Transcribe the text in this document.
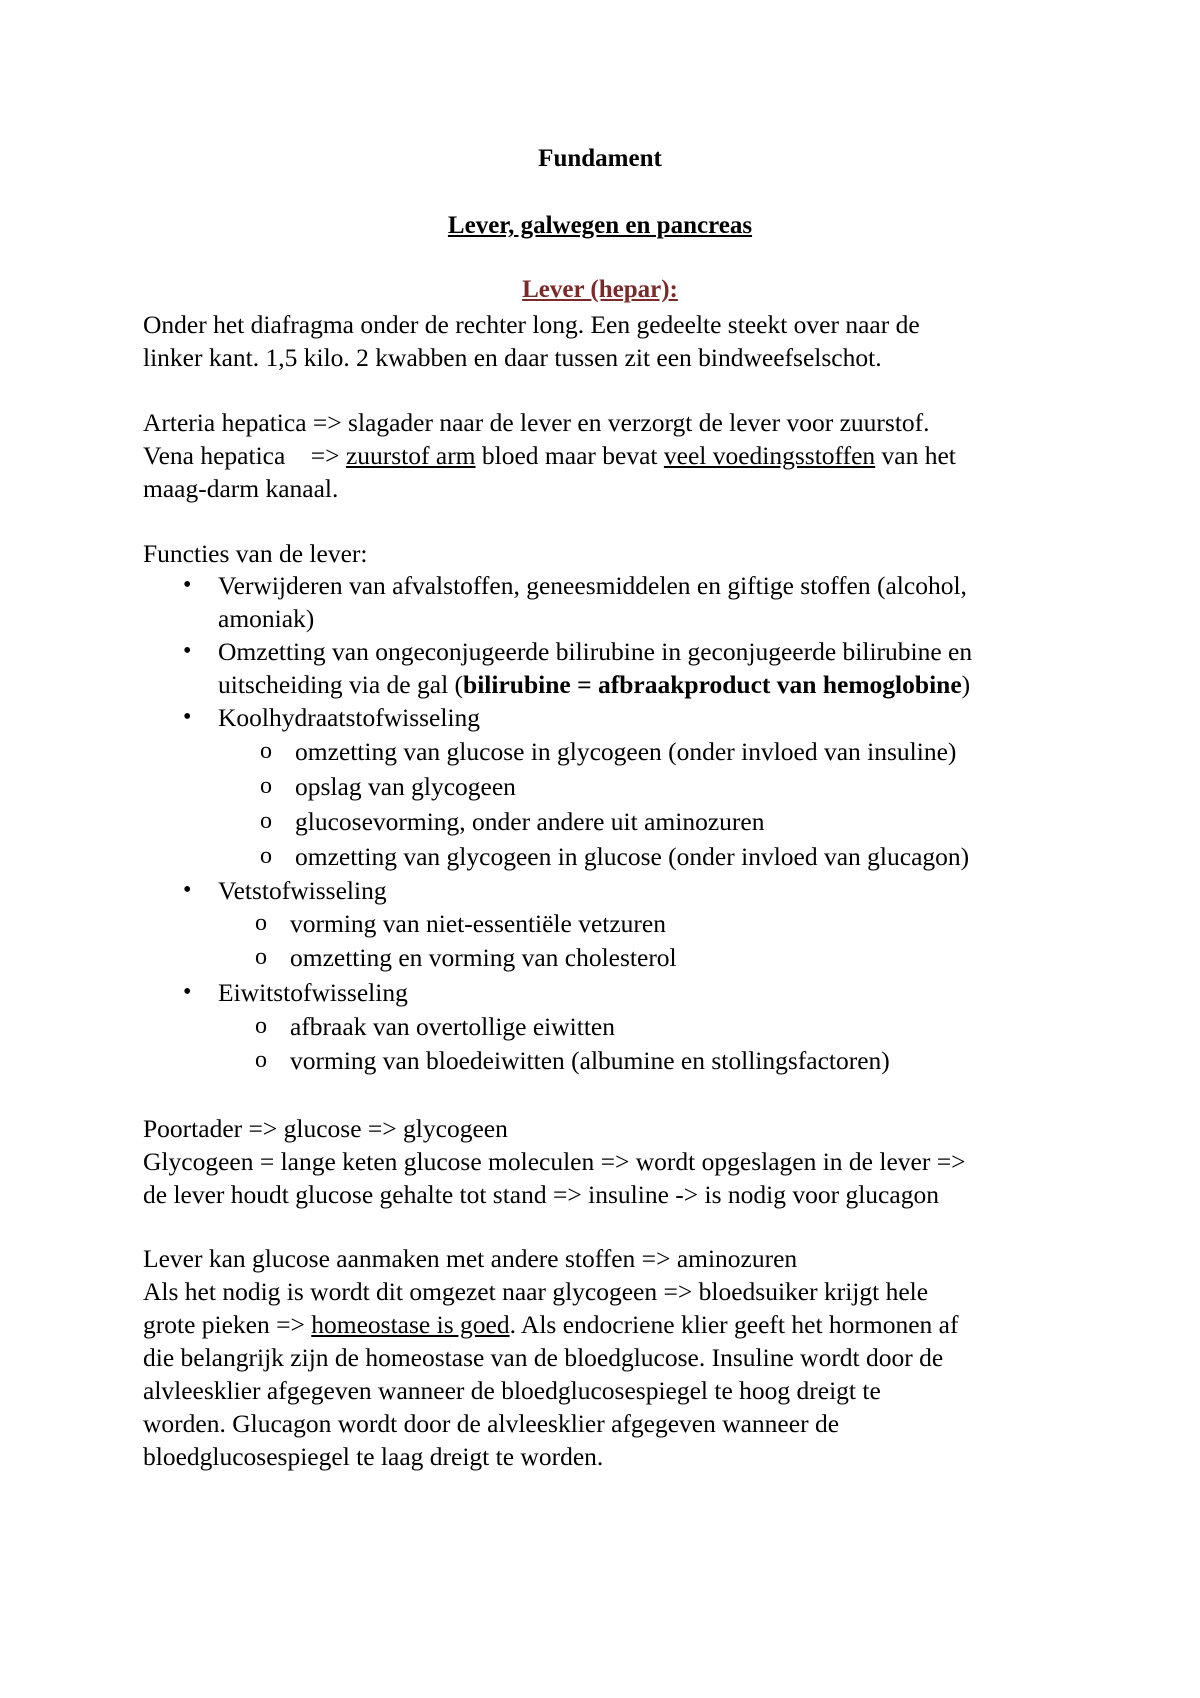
Fundament
Lever, galwegen en pancreas
Lever (hepar):
Onder het diafragma onder de rechter long. Een gedeelte steekt over naar de
linker kant. 1,5 kilo. 2 kwabben en daar tussen zit een bindweefselschot.
Arteria hepatica => slagader naar de lever en verzorgt de lever voor zuurstof.
Vena hepatica    => zuurstof arm bloed maar bevat veel voedingsstoffen van het
maag-darm kanaal.
Functies van de lever:
• Verwijderen van afvalstoffen, geneesmiddelen en giftige stoffen (alcohol,
amoniak)
• Omzetting van ongeconjugeerde bilirubine in geconjugeerde bilirubine en
uitscheiding via de gal (bilirubine = afbraakproduct van hemoglobine)
• Koolhydraatstofwisseling
o omzetting van glucose in glycogeen (onder invloed van insuline)
o opslag van glycogeen
o glucosevorming, onder andere uit aminozuren
o omzetting van glycogeen in glucose (onder invloed van glucagon)
• Vetstofwisseling
o vorming van niet-essentiële vetzuren
o omzetting en vorming van cholesterol
• Eiwitstofwisseling
o afbraak van overtollige eiwitten
o vorming van bloedeiwitten (albumine en stollingsfactoren)
Poortader => glucose => glycogeen
Glycogeen = lange keten glucose moleculen => wordt opgeslagen in de lever =>
de lever houdt glucose gehalte tot stand => insuline -> is nodig voor glucagon
Lever kan glucose aanmaken met andere stoffen => aminozuren
Als het nodig is wordt dit omgezet naar glycogeen => bloedsuiker krijgt hele
grote pieken => homeostase is goed. Als endocriene klier geeft het hormonen af
die belangrijk zijn de homeostase van de bloedglucose. Insuline wordt door de
alvleesklier afgegeven wanneer de bloedglucosespiegel te hoog dreigt te
worden. Glucagon wordt door de alvleesklier afgegeven wanneer de
bloedglucosespiegel te laag dreigt te worden.
